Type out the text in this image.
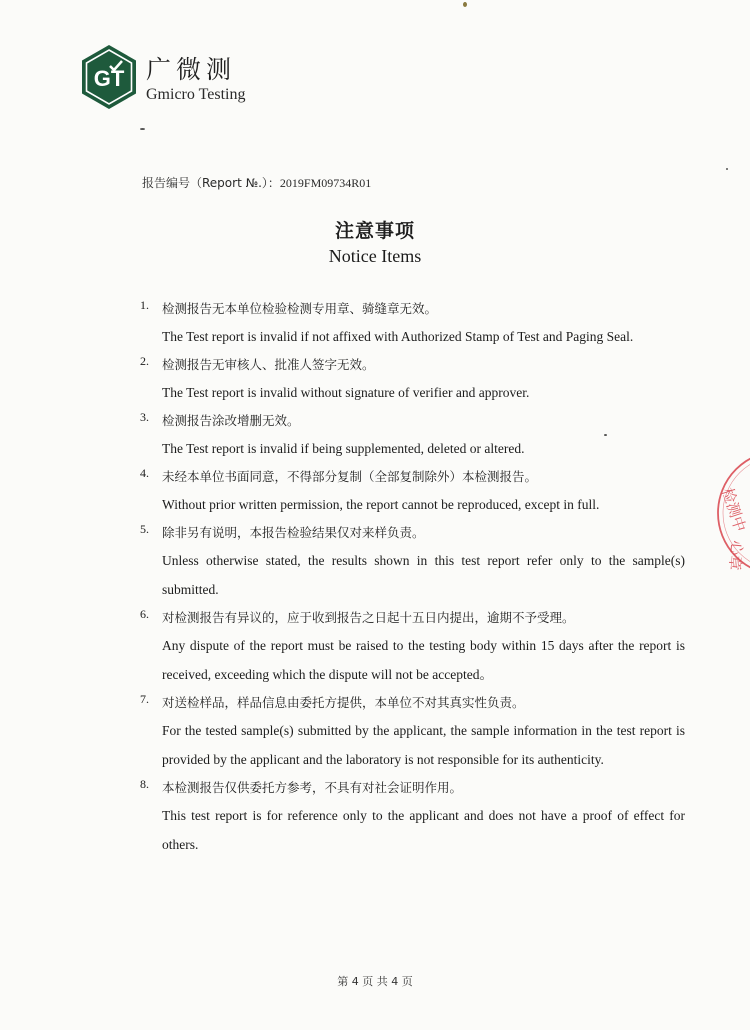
GT 广微测
Gmicro Testing
报告编号（Report №.）：2019FM09734R01
注意事项
Notice Items
1. 检测报告无本单位检验检测专用章、骑缝章无效。
The Test report is invalid if not affixed with Authorized Stamp of Test and Paging Seal.
2. 检测报告无审核人、批准人签字无效。
The Test report is invalid without signature of verifier and approver.
3. 检测报告涂改增删无效。
The Test report is invalid if being supplemented, deleted or altered.
4. 未经本单位书面同意，不得部分复制（全部复制除外）本检测报告。
Without prior written permission, the report cannot be reproduced, except in full.
5. 除非另有说明，本报告检验结果仅对来样负责。
Unless otherwise stated, the results shown in this test report refer only to the sample(s) submitted.
6. 对检测报告有异议的，应于收到报告之日起十五日内提出，逾期不予受理。
Any dispute of the report must be raised to the testing body within 15 days after the report is received, exceeding which the dispute will not be accepted。
7. 对送检样品，样品信息由委托方提供，本单位不对其真实性负责。
For the tested sample(s) submitted by the applicant, the sample information in the test report is provided by the applicant and the laboratory is not responsible for its authenticity.
8. 本检测报告仅供委托方参考，不具有对社会证明作用。
This test report is for reference only to the applicant and does not have a proof of effect for others.
检测中
心章
第 4 页 共 4 页
